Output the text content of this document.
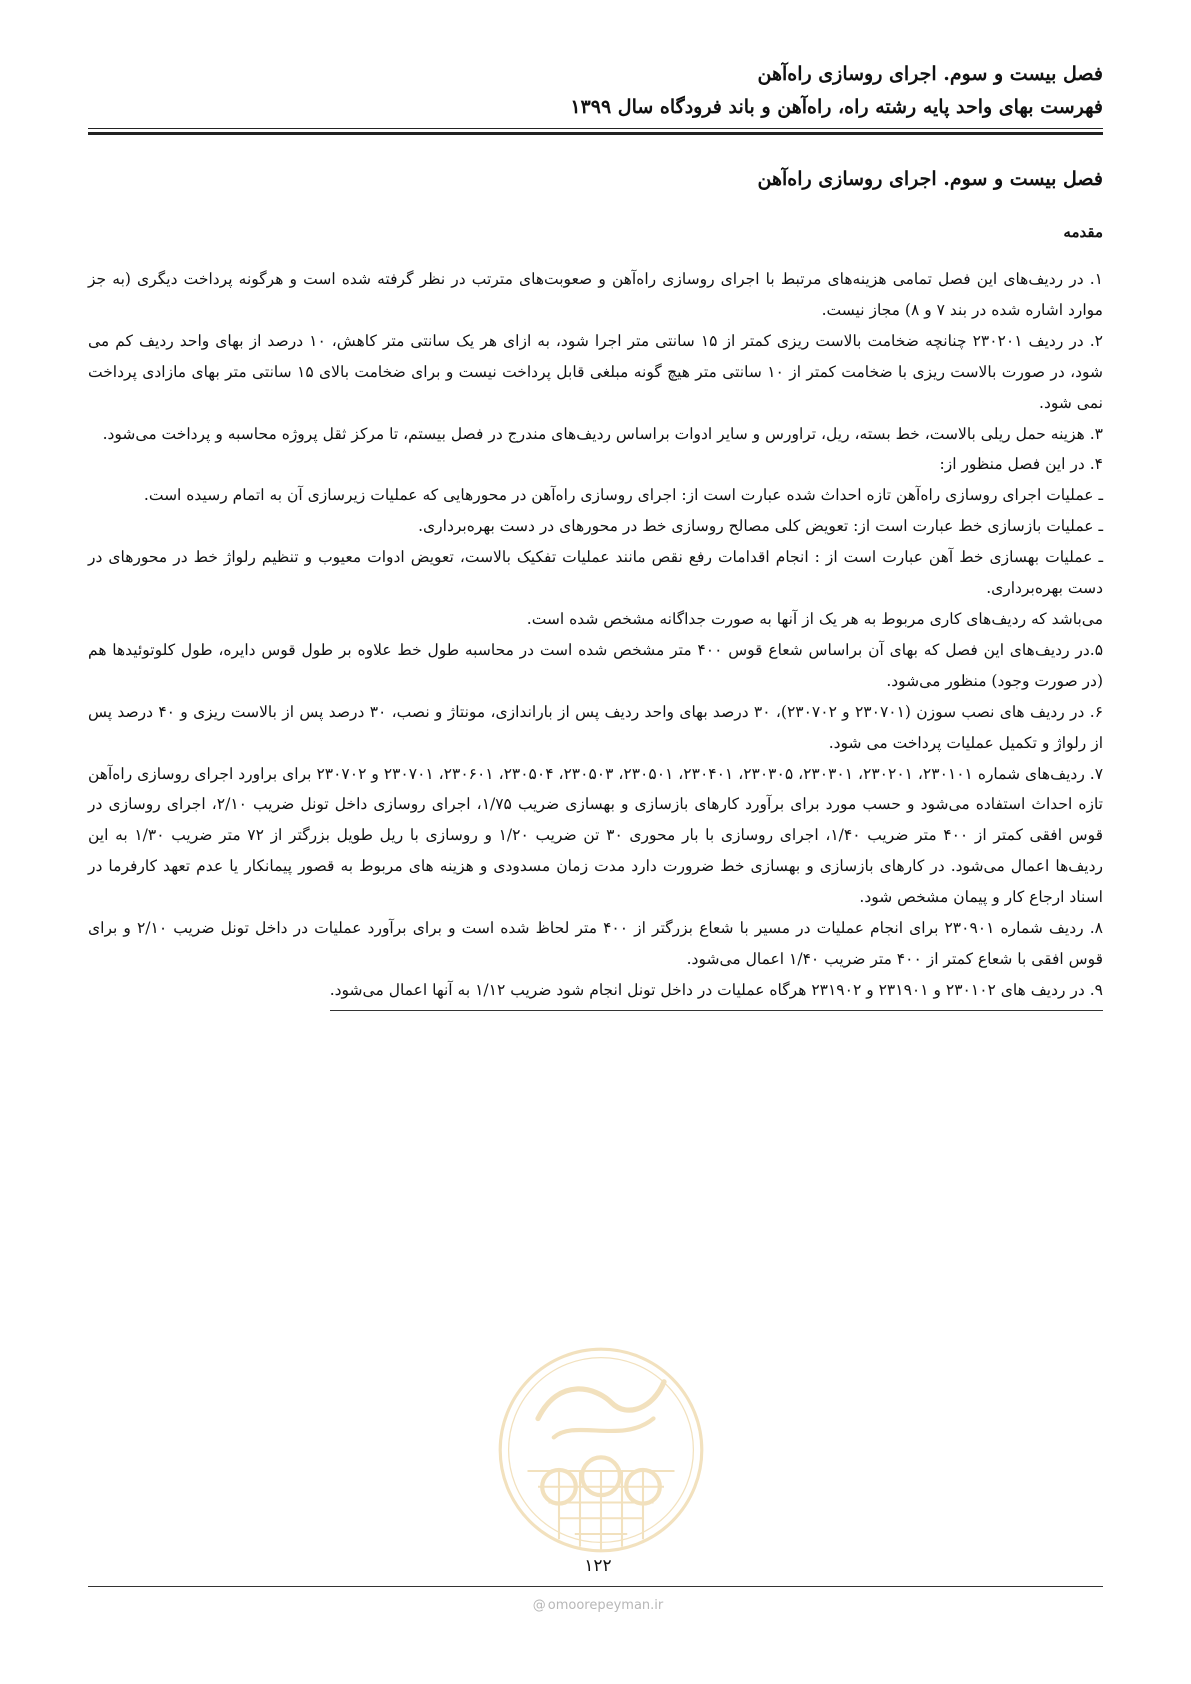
فصل بیست و سوم. اجرای روسازی راه‌آهن
فهرست بهای واحد پایه رشته راه، راه‌آهن و باند فرودگاه سال ۱۳۹۹
فصل بیست و سوم. اجرای روسازی راه‌آهن
مقدمه

۱. در ردیف‌های این فصل تمامی هزینه‌های مرتبط با اجرای روسازی راه‌آهن و صعوبت‌های مترتب در نظر گرفته شده است و هرگونه پرداخت دیگری (به جز موارد اشاره شده در بند ۷ و ۸) مجاز نیست.

۲. در ردیف ۲۳۰۲۰۱ چنانچه ضخامت بالاست ریزی کمتر از ۱۵ سانتی متر اجرا شود، به ازای هر یک سانتی متر کاهش، ۱۰ درصد از بهای واحد ردیف کم می شود، در صورت بالاست ریزی با ضخامت کمتر از ۱۰ سانتی متر هیچ گونه مبلغی قابل پرداخت نیست و برای ضخامت بالای ۱۵ سانتی متر بهای مازادی پرداخت نمی شود.

۳. هزینه حمل ریلی بالاست، خط بسته، ریل، تراورس و سایر ادوات براساس ردیف‌های مندرج در فصل بیستم، تا مرکز ثقل پروژه محاسبه و پرداخت می‌شود.

۴. در این فصل منظور از:

ـ عملیات اجرای روسازی راه‌آهن تازه احداث شده عبارت است از: اجرای روسازی راه‌آهن در محورهایی که عملیات زیرسازی آن به اتمام رسیده است.

ـ عملیات بازسازی خط عبارت است از: تعویض کلی مصالح روسازی خط در محورهای در دست بهره‌برداری.

ـ عملیات بهسازی خط آهن عبارت است از : انجام اقدامات رفع نقص مانند عملیات تفکیک بالاست، تعویض ادوات معیوب و تنظیم رلواژ خط در محورهای در دست بهره‌برداری.

می‌باشد که ردیف‌های کاری مربوط به هر یک از آنها به صورت جداگانه مشخص شده است.

۵.در ردیف‌های این فصل که بهای آن براساس شعاع قوس ۴۰۰ متر مشخص شده است در محاسبه طول خط علاوه بر طول قوس دایره، طول کلوتوئیدها هم (در صورت وجود) منظور می‌شود.

۶. در ردیف های نصب سوزن (۲۳۰۷۰۱ و ۲۳۰۷۰۲)، ۳۰ درصد بهای واحد ردیف پس از باراندازی، مونتاژ و نصب، ۳۰ درصد پس از بالاست ریزی و ۴۰ درصد پس از رلواژ و تکمیل عملیات پرداخت می شود.

۷. ردیف‌های شماره ۲۳۰۱۰۱، ۲۳۰۲۰۱، ۲۳۰۳۰۱، ۲۳۰۳۰۵، ۲۳۰۴۰۱، ۲۳۰۵۰۱، ۲۳۰۵۰۳، ۲۳۰۵۰۴، ۲۳۰۶۰۱، ۲۳۰۷۰۱ و ۲۳۰۷۰۲ برای براورد اجرای روسازی راه‌آهن تازه احداث استفاده می‌شود و حسب مورد برای برآورد کارهای بازسازی و بهسازی ضریب ۱/۷۵، اجرای روسازی داخل تونل ضریب ۲/۱۰، اجرای روسازی در قوس افقی کمتر از ۴۰۰ متر ضریب ۱/۴۰، اجرای روسازی با بار محوری ۳۰ تن ضریب ۱/۲۰ و روسازی با ریل طویل بزرگتر از ۷۲ متر ضریب ۱/۳۰ به این ردیف‌ها اعمال می‌شود. در کارهای بازسازی و بهسازی خط ضرورت دارد مدت زمان مسدودی و هزینه های مربوط به قصور پیمانکار یا عدم تعهد کارفرما در اسناد ارجاع کار و پیمان مشخص شود.

۸. ردیف شماره ۲۳۰۹۰۱ برای انجام عملیات در مسیر با شعاع بزرگتر از ۴۰۰ متر لحاظ شده است و برای برآورد عملیات در داخل تونل ضریب ۲/۱۰ و برای قوس افقی با شعاع کمتر از ۴۰۰ متر ضریب ۱/۴۰ اعمال می‌شود.

۹. در ردیف های ۲۳۰۱۰۲ و ۲۳۱۹۰۱ و ۲۳۱۹۰۲ هرگاه عملیات در داخل تونل انجام شود ضریب ۱/۱۲ به آنها اعمال می‌شود.

۱۲۲
@ omoorepeyman.ir
